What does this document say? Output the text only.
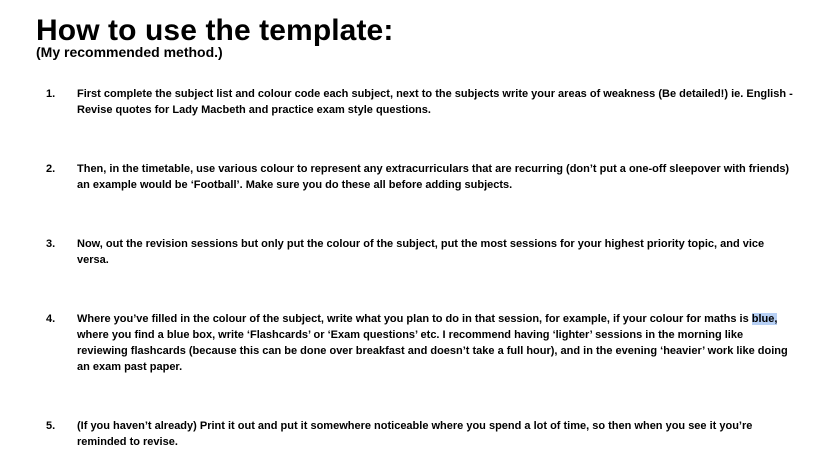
How to use the template:
(My recommended method.)
1.	First complete the subject list and colour code each subject, next to the subjects write your areas of weakness (Be detailed!) ie. English - Revise quotes for Lady Macbeth and practice exam style questions.
2.	Then, in the timetable, use various colour to represent any extracurriculars that are recurring (don’t put a one-off sleepover with friends) an example would be ‘Football’. Make sure you do these all before adding subjects.
3.	Now, out the revision sessions but only put the colour of the subject, put the most sessions for your highest priority topic, and vice versa.
4.	Where you’ve filled in the colour of the subject, write what you plan to do in that session, for example, if your colour for maths is blue, where you find a blue box, write ‘Flashcards’ or ‘Exam questions’ etc. I recommend having ‘lighter’ sessions in the morning like reviewing flashcards (because this can be done over breakfast and doesn’t take a full hour), and in the evening ‘heavier’ work like doing an exam past paper.
5.	(If you haven’t already) Print it out and put it somewhere noticeable where you spend a lot of time, so then when you see it you’re reminded to revise.
